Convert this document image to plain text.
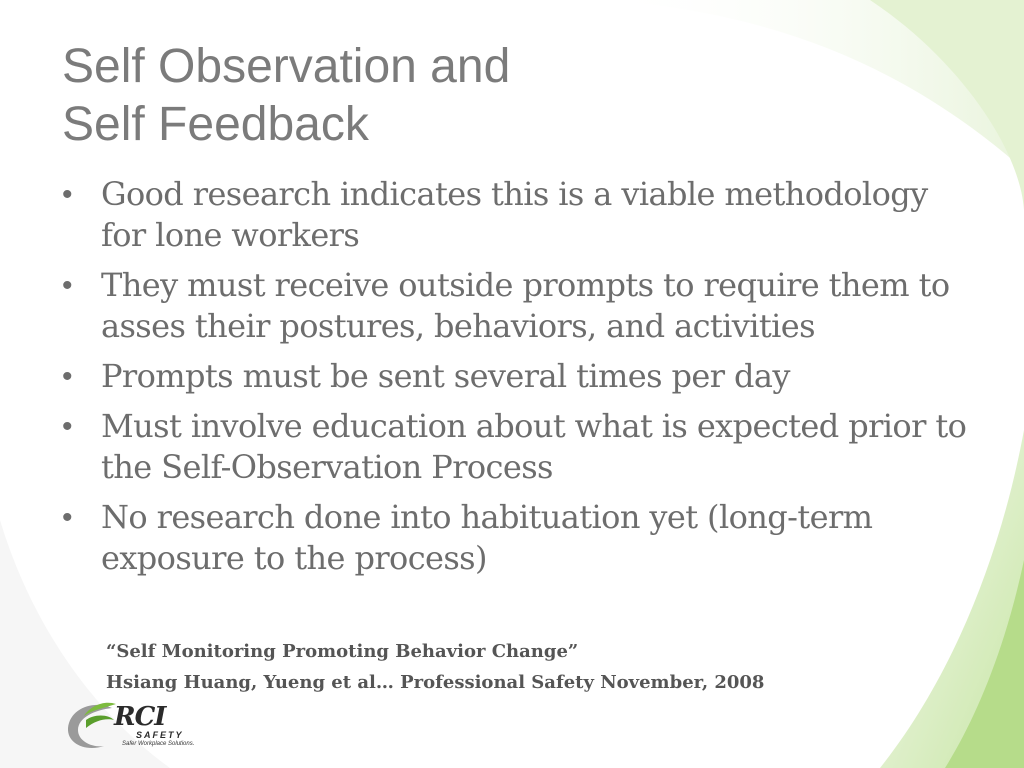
Self Observation and
Self Feedback
• Good research indicates this is a viable methodology for lone workers
• They must receive outside prompts to require them to asses their postures, behaviors, and activities
• Prompts must be sent several times per day
• Must involve education about what is expected prior to the Self-Observation Process
• No research done into habituation yet (long-term exposure to the process)
“Self Monitoring Promoting Behavior Change”
Hsiang Huang, Yueng et al… Professional Safety November, 2008
RCI
SAFETY
Safer Workplace Solutions.
